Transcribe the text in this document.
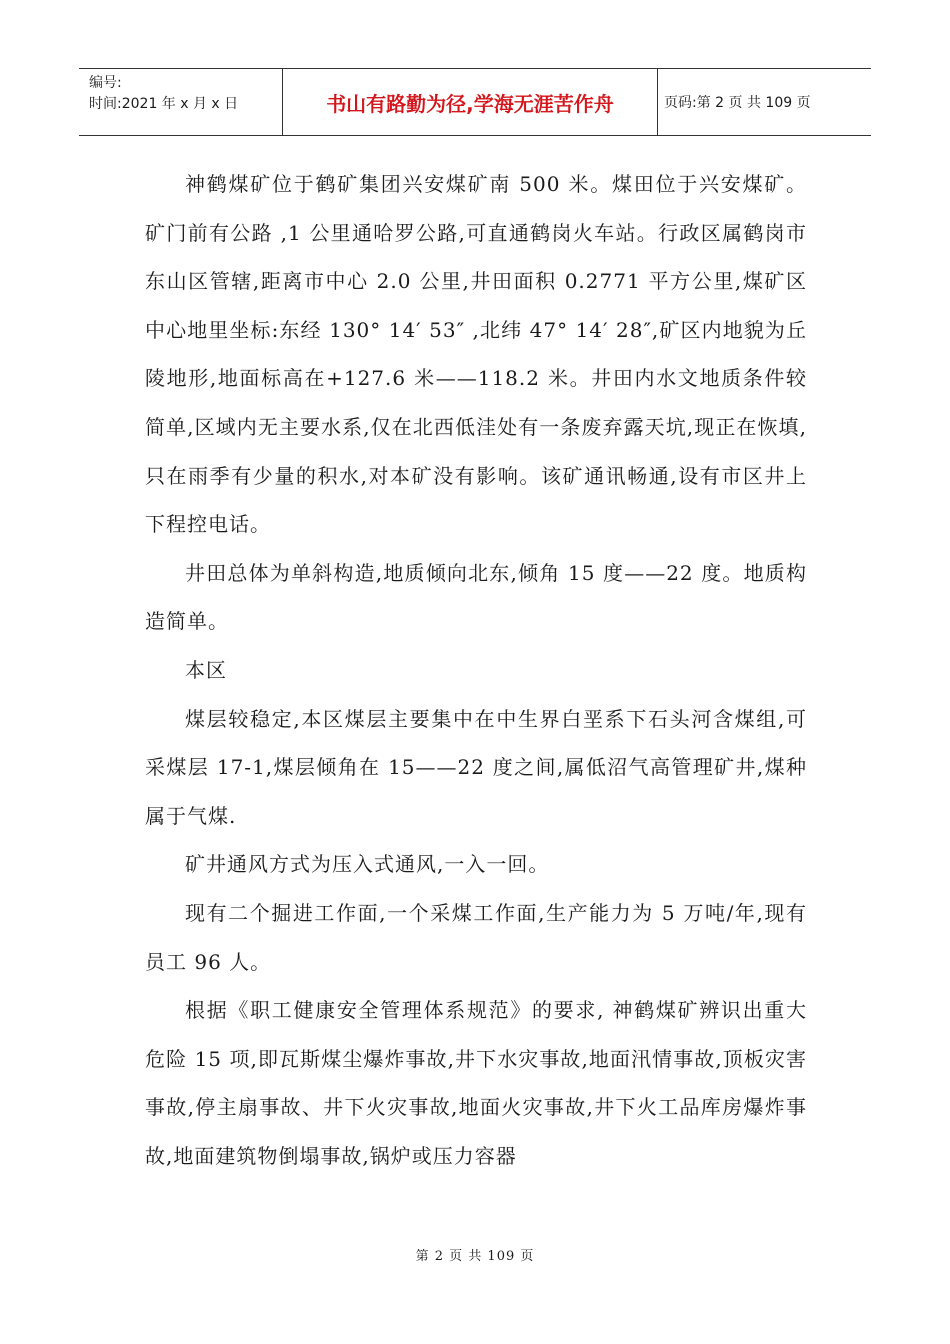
编号:
时间:2021 年 x 月 x 日	书山有路勤为径,学海无涯苦作舟	页码:第 2 页 共 109 页

神鹤煤矿位于鹤矿集团兴安煤矿南 500 米。煤田位于兴安煤矿。矿门前有公路 ,1 公里通哈罗公路,可直通鹤岗火车站。行政区属鹤岗市东山区管辖,距离市中心 2.0 公里,井田面积 0.2771 平方公里,煤矿区中心地里坐标:东经 130° 14′ 53″ ,北纬 47° 14′ 28″,矿区内地貌为丘陵地形,地面标高在+127.6 米——118.2 米。井田内水文地质条件较简单,区域内无主要水系,仅在北西低洼处有一条废弃露天坑,现正在恢填,只在雨季有少量的积水,对本矿没有影响。该矿通讯畅通,设有市区井上下程控电话。

井田总体为单斜构造,地质倾向北东,倾角 15 度——22 度。地质构造简单。

本区

煤层较稳定,本区煤层主要集中在中生界白垩系下石头河含煤组,可采煤层 17-1,煤层倾角在 15——22 度之间,属低沼气高管理矿井,煤种属于气煤.

矿井通风方式为压入式通风,一入一回。

现有二个掘进工作面,一个采煤工作面,生产能力为 5 万吨/年,现有员工 96 人。

根据《职工健康安全管理体系规范》的要求, 神鹤煤矿辨识出重大危险 15 项,即瓦斯煤尘爆炸事故,井下水灾事故,地面汛情事故,顶板灾害事故,停主扇事故、井下火灾事故,地面火灾事故,井下火工品库房爆炸事故,地面建筑物倒塌事故,锅炉或压力容器

第 2 页 共 109 页
